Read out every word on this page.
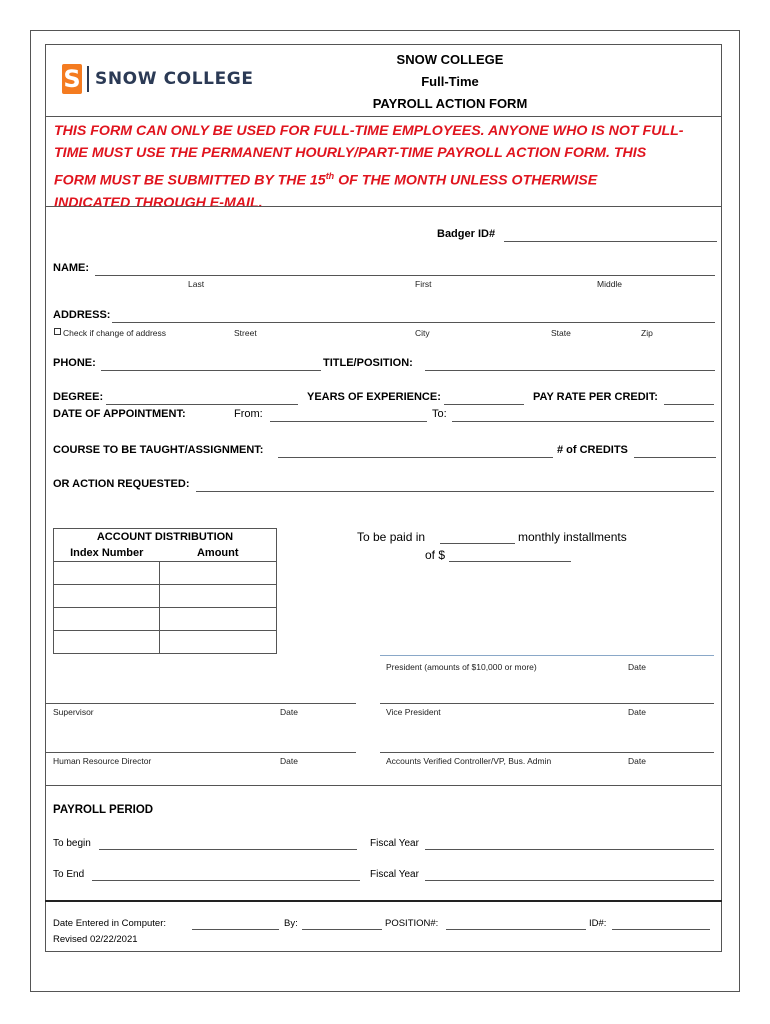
S SNOW COLLEGE
SNOW COLLEGE
Full-Time
PAYROLL ACTION FORM

THIS FORM CAN ONLY BE USED FOR FULL-TIME EMPLOYEES. ANYONE WHO IS NOT FULL-

TIME MUST USE THE PERMANENT HOURLY/PART-TIME PAYROLL ACTION FORM. THIS

FORM MUST BE SUBMITTED BY THE 15th OF THE MONTH UNLESS OTHERWISE

INDICATED THROUGH E-MAIL.

Badger ID#
NAME:
Last	First	Middle
ADDRESS:
Check if change of address	Street	City	State	Zip
PHONE:	TITLE/POSITION:
DEGREE:	YEARS OF EXPERIENCE:	PAY RATE PER CREDIT:
DATE OF APPOINTMENT:	From:	To:
COURSE TO BE TAUGHT/ASSIGNMENT:	# of CREDITS
OR ACTION REQUESTED:
ACCOUNT DISTRIBUTION	
Index Number	Amount

To be paid in	monthly installments
of $
President (amounts of $10,000 or more)	Date
Supervisor	Date	Vice President	Date
Human Resource Director	Date	Accounts Verified Controller/VP, Bus. Admin	Date
PAYROLL PERIOD
To begin	Fiscal Year
To End	Fiscal Year
Date Entered in Computer:	By:	POSITION#:	ID#:
Revised 02/22/2021
